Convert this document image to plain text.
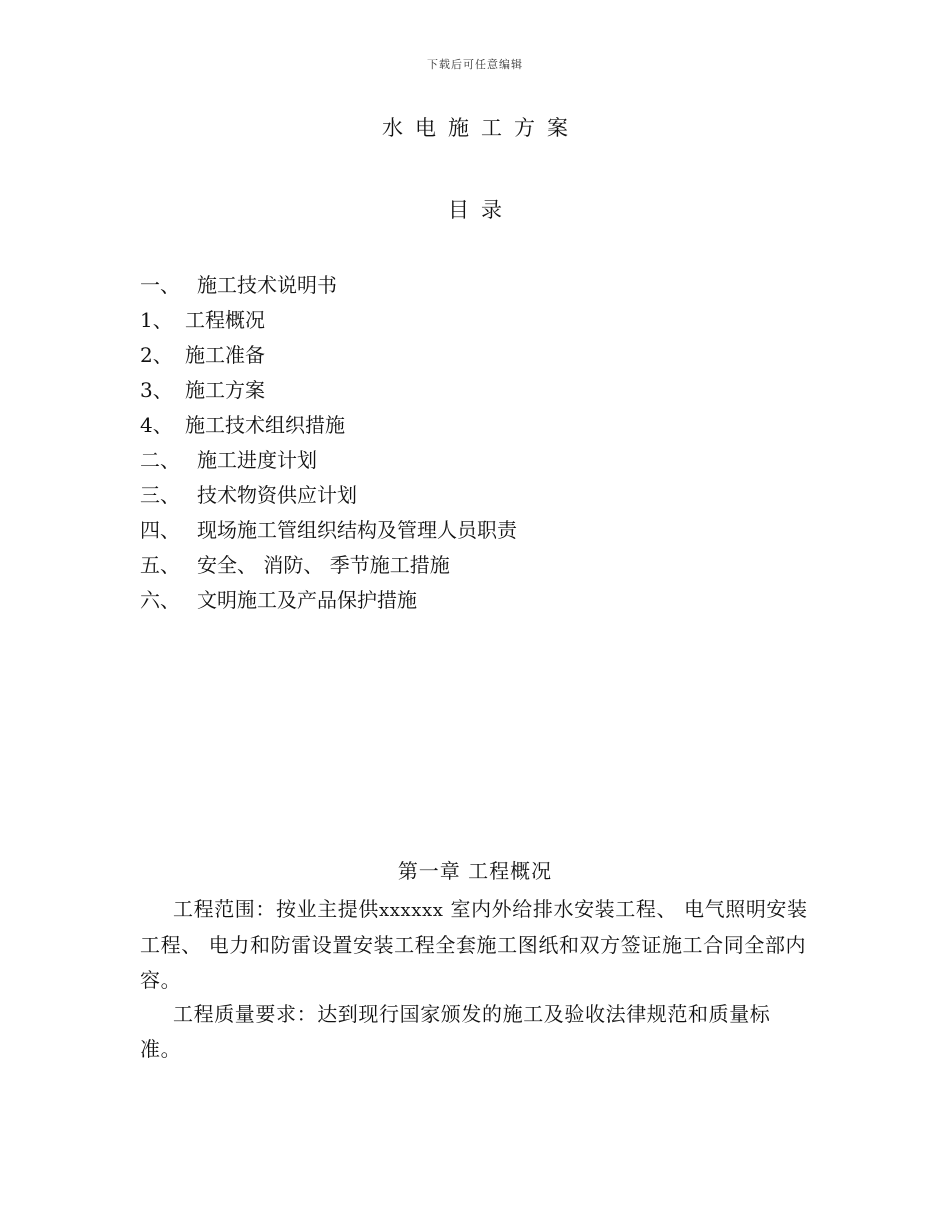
下载后可任意编辑
水电施工方案
目录
一、 施工技术说明书
1、 工程概况
2、 施工准备
3、 施工方案
4、 施工技术组织措施
二、 施工进度计划
三、 技术物资供应计划
四、 现场施工管组织结构及管理人员职责
五、 安全、 消防、 季节施工措施
六、 文明施工及产品保护措施
第一章 工程概况

工程范围：按业主提供xxxxxx 室内外给排水安装工程、 电气照明安装工程、 电力和防雷设置安装工程全套施工图纸和双方签证施工合同全部内容。

工程质量要求：达到现行国家颁发的施工及验收法律规范和质量标准。
